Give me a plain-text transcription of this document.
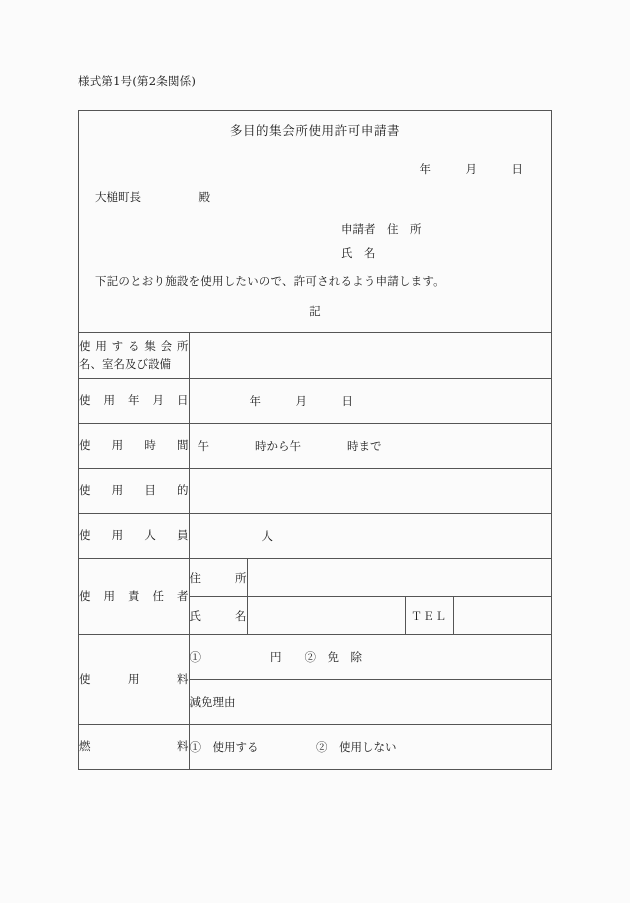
様式第1号(第2条関係)
多目的集会所使用許可申請書
年　　　月　　　日
大槌町長　　　　　殿
申請者　住　所
氏　名
下記のとおり施設を使用したいので、許可されるよう申請します。
記
使用する集会所
名、室名及び設備				

使用年月日	年　　　月　　　日			

使用時間	午　　　　時から午　　　　時まで			

使用目的				

使用人員	人			

使用責任者	住　所			

	氏　名		ＴＥＬ	

使用料	①　　　　　　円　　②　免　除			
	減免理由			

燃料	①　使用する　　　　　②　使用しない			
